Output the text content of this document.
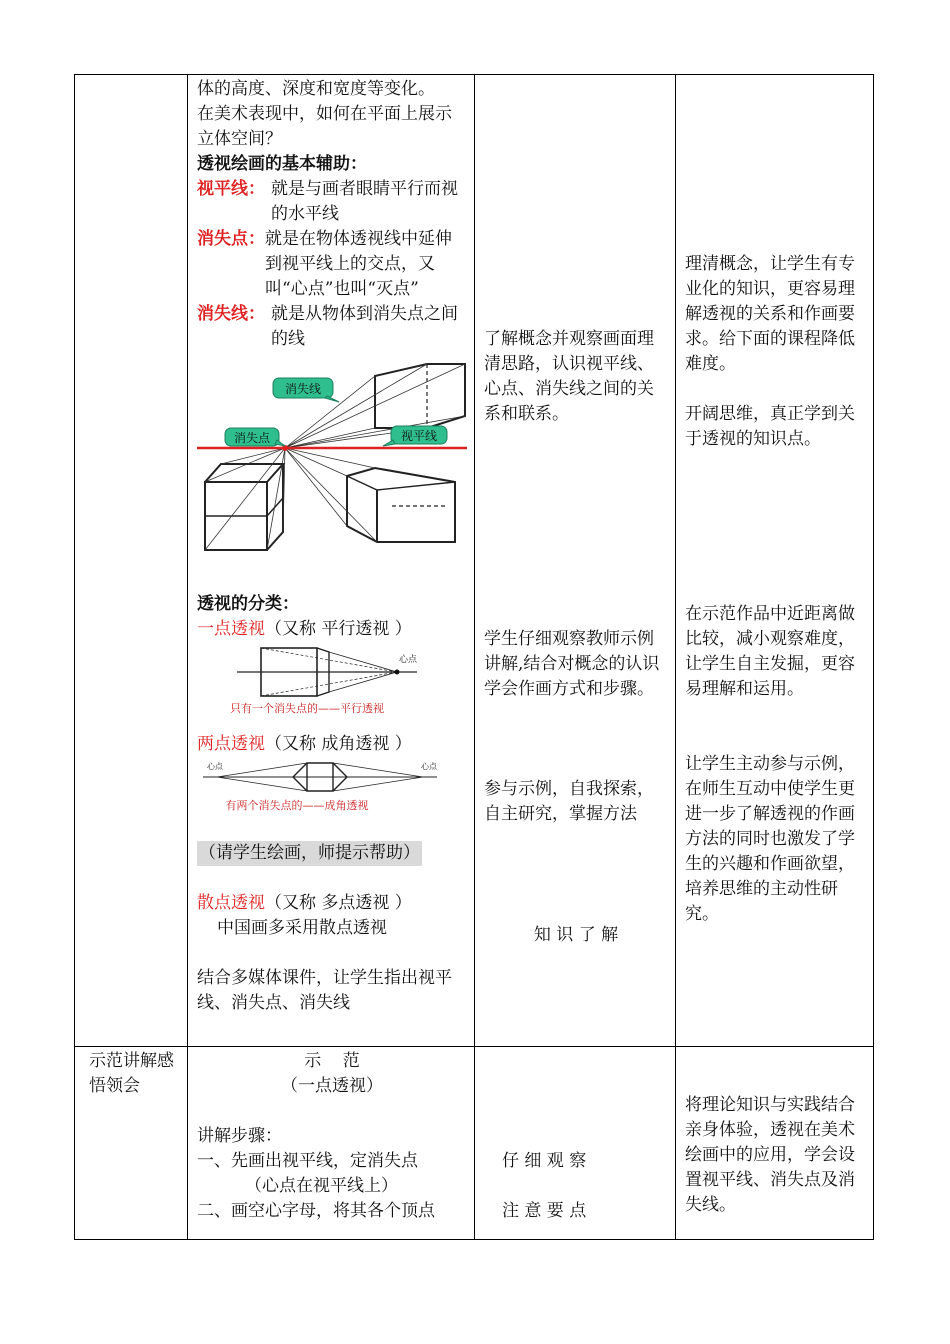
体的高度、深度和宽度等变化。

在美术表现中，如何在平面上展示立体空间？

透视绘画的基本辅助：

视平线： 就是与画者眼睛平行而视的水平线
消失点： 就是在物体透视线中延伸到视平线上的交点，又叫“心点”也叫“灭点”
消失线： 就是从物体到消失点之间的线
消失线
消失点	视平线

透视的分类：

一点透视（又称 平行透视 ）

心点
只有一个消失点的——平行透视

两点透视（又称 成角透视 ）

心点	心点
有两个消失点的——成角透视

（请学生绘画，师提示帮助）

散点透视（又称 多点透视 ）

中国画多采用散点透视

结合多媒体课件，让学生指出视平线、消失点、消失线

了解概念并观察画面理清思路，认识视平线、心点、消失线之间的关系和联系。
学生仔细观察教师示例讲解,结合对概念的认识学会作画方式和步骤。
参与示例，自我探索，自主研究，掌握方法
知 识 了 解
理清概念，让学生有专业化的知识，更容易理解透视的关系和作画要求。给下面的课程降低难度。
开阔思维，真正学到关于透视的知识点。
在示范作品中近距离做比较，减小观察难度，让学生自主发掘，更容易理解和运用。
让学生主动参与示例，在师生互动中使学生更进一步了解透视的作画方法的同时也激发了学生的兴趣和作画欲望，培养思维的主动性研究。
示范讲解感悟领会

示    范

（一点透视）

讲解步骤：

一、先画出视平线，定消失点

（心点在视平线上）

二、画空心字母，将其各个顶点

仔 细 观 察
注 意 要 点
将理论知识与实践结合亲身体验，透视在美术绘画中的应用，学会设置视平线、消失点及消失线。
